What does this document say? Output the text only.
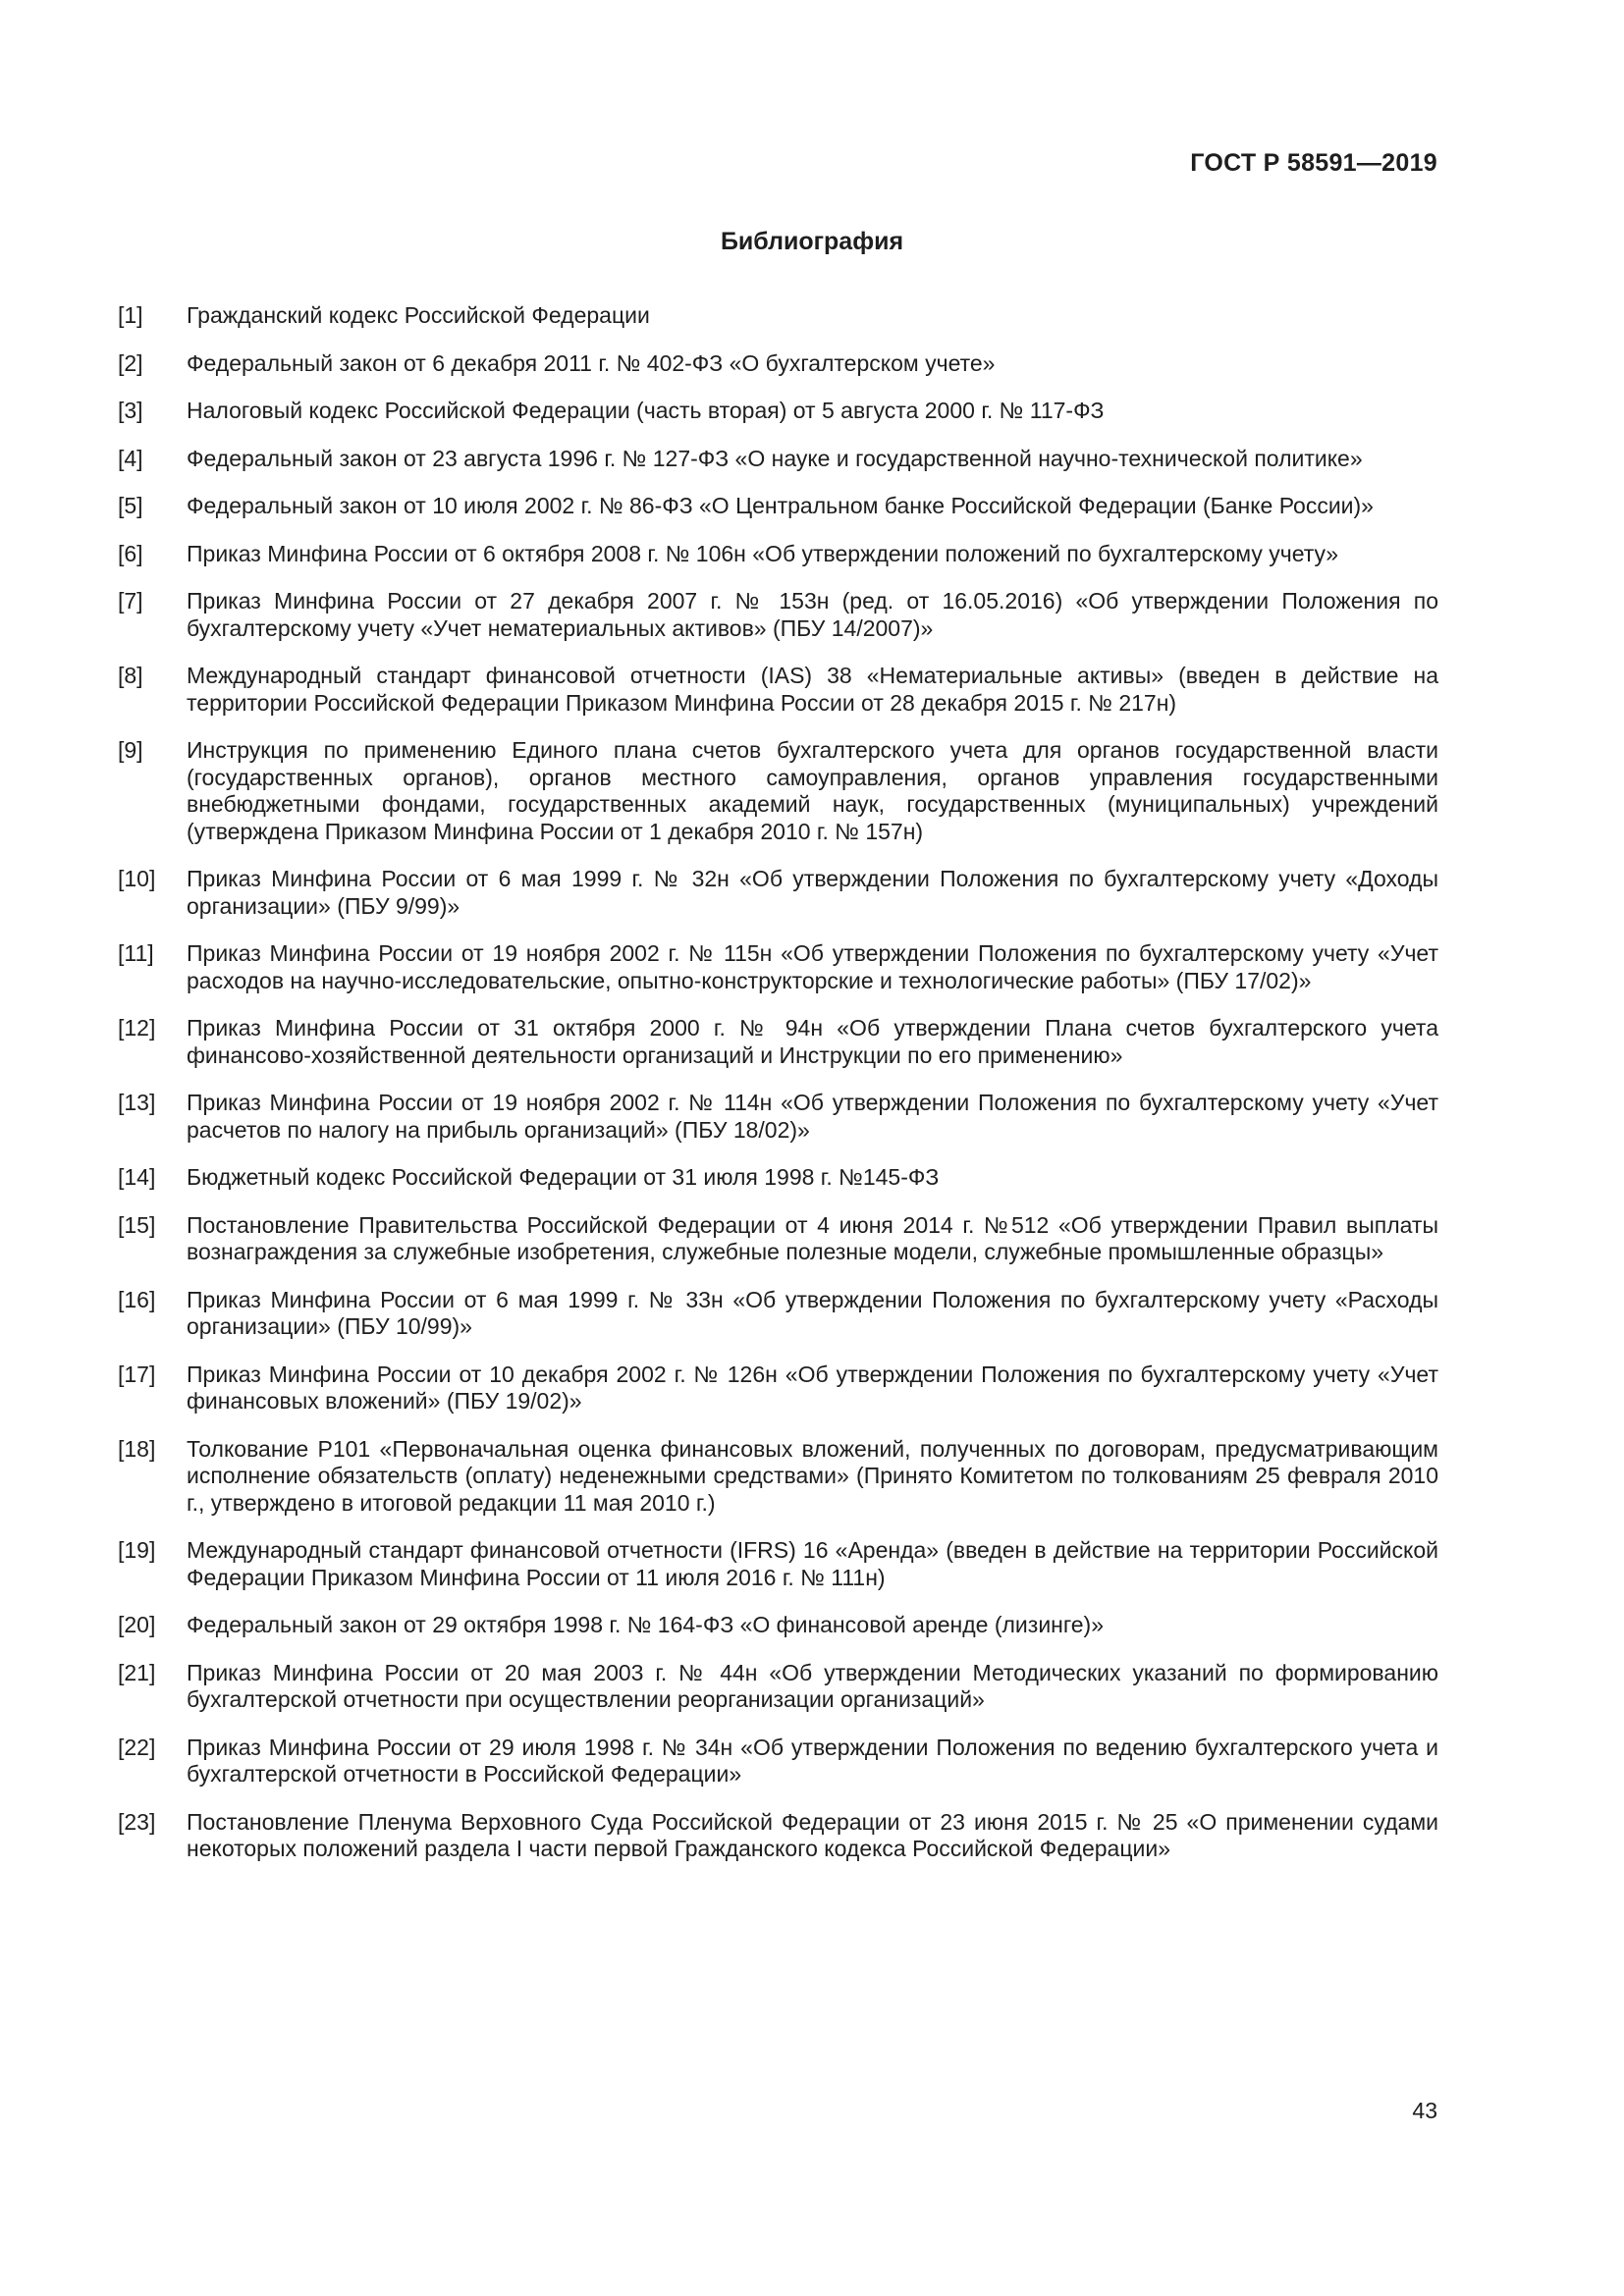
ГОСТ Р 58591—2019
Библиография
[1]	Гражданский кодекс Российской Федерации
[2]	Федеральный закон от 6 декабря 2011 г. № 402-ФЗ «О бухгалтерском учете»
[3]	Налоговый кодекс Российской Федерации (часть вторая) от 5 августа 2000 г. № 117-ФЗ
[4]	Федеральный закон от 23 августа 1996 г. № 127-ФЗ «О науке и государственной научно-технической политике»
[5]	Федеральный закон от 10 июля 2002 г. № 86-ФЗ «О Центральном банке Российской Федерации (Банке России)»
[6]	Приказ Минфина России от 6 октября 2008 г. № 106н «Об утверждении положений по бухгалтерскому учету»
[7]	Приказ Минфина России от 27 декабря 2007 г. № 153н (ред. от 16.05.2016) «Об утверждении Положения по бухгалтерскому учету «Учет нематериальных активов» (ПБУ 14/2007)»
[8]	Международный стандарт финансовой отчетности (IAS) 38 «Нематериальные активы» (введен в действие на территории Российской Федерации Приказом Минфина России от 28 декабря 2015 г. № 217н)
[9]	Инструкция по применению Единого плана счетов бухгалтерского учета для органов государственной власти (государственных органов), органов местного самоуправления, органов управления государственными внебюджетными фондами, государственных академий наук, государственных (муниципальных) учреждений (утверждена Приказом Минфина России от 1 декабря 2010 г. № 157н)
[10]	Приказ Минфина России от 6 мая 1999 г. № 32н «Об утверждении Положения по бухгалтерскому учету «Доходы организации» (ПБУ 9/99)»
[11]	Приказ Минфина России от 19 ноября 2002 г. № 115н «Об утверждении Положения по бухгалтерскому учету «Учет расходов на научно-исследовательские, опытно-конструкторские и технологические работы» (ПБУ 17/02)»
[12]	Приказ Минфина России от 31 октября 2000 г. № 94н «Об утверждении Плана счетов бухгалтерского учета финансово-хозяйственной деятельности организаций и Инструкции по его применению»
[13]	Приказ Минфина России от 19 ноября 2002 г. № 114н «Об утверждении Положения по бухгалтерскому учету «Учет расчетов по налогу на прибыль организаций» (ПБУ 18/02)»
[14]	Бюджетный кодекс Российской Федерации от 31 июля 1998 г. №145-ФЗ
[15]	Постановление Правительства Российской Федерации от 4 июня 2014 г. №512 «Об утверждении Правил выплаты вознаграждения за служебные изобретения, служебные полезные модели, служебные промышленные образцы»
[16]	Приказ Минфина России от 6 мая 1999 г. № 33н «Об утверждении Положения по бухгалтерскому учету «Расходы организации» (ПБУ 10/99)»
[17]	Приказ Минфина России от 10 декабря 2002 г. № 126н «Об утверждении Положения по бухгалтерскому учету «Учет финансовых вложений» (ПБУ 19/02)»
[18]	Толкование Р101 «Первоначальная оценка финансовых вложений, полученных по договорам, предусматривающим исполнение обязательств (оплату) неденежными средствами» (Принято Комитетом по толкованиям 25 февраля 2010 г., утверждено в итоговой редакции 11 мая 2010 г.)
[19]	Международный стандарт финансовой отчетности (IFRS) 16 «Аренда» (введен в действие на территории Российской Федерации Приказом Минфина России от 11 июля 2016 г. № 111н)
[20]	Федеральный закон от 29 октября 1998 г. № 164-ФЗ «О финансовой аренде (лизинге)»
[21]	Приказ Минфина России от 20 мая 2003 г. № 44н «Об утверждении Методических указаний по формированию бухгалтерской отчетности при осуществлении реорганизации организаций»
[22]	Приказ Минфина России от 29 июля 1998 г. № 34н «Об утверждении Положения по ведению бухгалтерского учета и бухгалтерской отчетности в Российской Федерации»
[23]	Постановление Пленума Верховного Суда Российской Федерации от 23 июня 2015 г. № 25 «О применении судами некоторых положений раздела I части первой Гражданского кодекса Российской Федерации»
43
